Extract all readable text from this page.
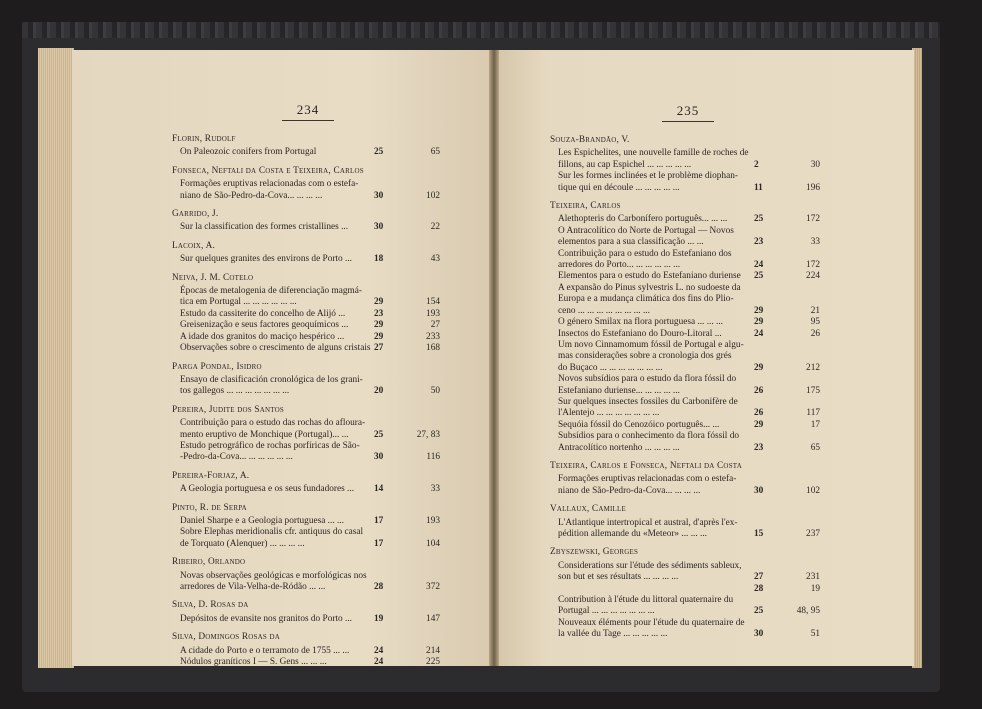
234	235
Florin, Rudolf
On Paleozoic conifers from Portugal	25	65
Fonseca, Neftali da Costa e Teixeira, Carlos
Formações eruptivas relacionadas com o estefa-
niano de São-Pedro-da-Cova... ... ... ...	30	102
Garrido, J.
Sur la classification des formes cristallines ...	30	22
Lacoix, A.
Sur quelques granites des environs de Porto ...	18	43
Neiva, J. M. Cotelo
Épocas de metalogenia de diferenciação magmá-
tica em Portugal ... ... ... ... ... ...	29	154
Estudo da cassiterite do concelho de Alijó ...	23	193
Greisenização e seus factores geoquímicos ...	29	27
A idade dos granitos do maciço hespérico ...	29	233
Observações sobre o crescimento de alguns cristais 27	168
Parga Pondal, Isidro
Ensayo de clasificación cronológica de los grani-
tos gallegos ... ... ... ... ... ... ...	20	50
Pereira, Judite dos Santos
Contribuição para o estudo das rochas do afloura-
mento eruptivo de Monchique (Portugal)... ...	25	27, 83
Estudo petrográfico de rochas porfíricas de São-
-Pedro-da-Cova... ... ... ... ... ...	30	116
Pereira-Forjaz, A.
A Geologia portuguesa e os seus fundadores ...	14	33
Pinto, R. de Serpa
Daniel Sharpe e a Geologia portuguesa ... ...	17	193
Sobre Elephas meridionalis cfr. antiquus do casal
de Torquato (Alenquer) ... ... ... ...	17	104
Ribeiro, Orlando
Novas observações geológicas e morfológicas nos
arredores de Vila-Velha-de-Ródão ... ...	28	372
Silva, D. Rosas da
Depósitos de evansite nos granitos do Porto ...	19	147
Silva, Domingos Rosas da
A cidade do Porto e o terramoto de 1755 ... ...	24	214
Nódulos graníticos I — S. Gens ... ... ...	24	225
Souza-Brandão, V.
Les Espichelites, une nouvelle famille de roches de
fillons, au cap Espichel ... ... ... ... ...	2	30
Sur les formes inclinées et le problème diophan-
tique qui en découle ... ... ... ... ...	11	196
Teixeira, Carlos
Alethopteris do Carbonífero português... ... ...	25	172
O Antracolítico do Norte de Portugal — Novos
elementos para a sua classificação ... ...	23	33
Contribuição para o estudo do Estefaniano dos
arredores do Porto... ... ... ... ... ...	24	172
Elementos para o estudo do Estefaniano duriense	25	224
A expansão do Pinus sylvestris L. no sudoeste da
Europa e a mudança climática dos fins do Plio-
ceno ... ... ... ... ... ... ... ...	29	21
O género Smilax na flora portuguesa ... ... ...	29	95
Insectos do Estefaniano do Douro-Litoral ...	24	26
Um novo Cinnamomum fóssil de Portugal e algu-
mas considerações sobre a cronologia dos grés
do Buçaco ... ... ... ... ... ... ...	29	212
Novos subsídios para o estudo da flora fóssil do
Estefaniano duriense... ... ... ... ...	26	175
Sur quelques insectes fossiles du Carbonifère de
l'Alentejo ... ... ... ... ... ... ...	26	117
Sequóia fóssil do Cenozóico português... ...	29	17
Subsídios para o conhecimento da flora fóssil do
Antracolítico nortenho ... ... ... ...	23	65
Teixeira, Carlos e Fonseca, Neftali da Costa
Formações eruptivas relacionadas com o estefa-
niano de São-Pedro-da-Cova... ... ... ...	30	102
Vallaux, Camille
L'Atlantique intertropical et austral, d'après l'ex-
pédition allemande du «Meteor» ... ... ...	15	237
Zbyszewski, Georges
Considerations sur l'étude des sédiments sableux,
son but et ses résultats ... ... ... ...	27	231
28	19
Contribution à l'étude du littoral quaternaire du
Portugal ... ... ... ... ... ... ...	25	48, 95
Nouveaux éléments pour l'étude du quaternaire de
la vallée du Tage ... ... ... ... ...	30	51
